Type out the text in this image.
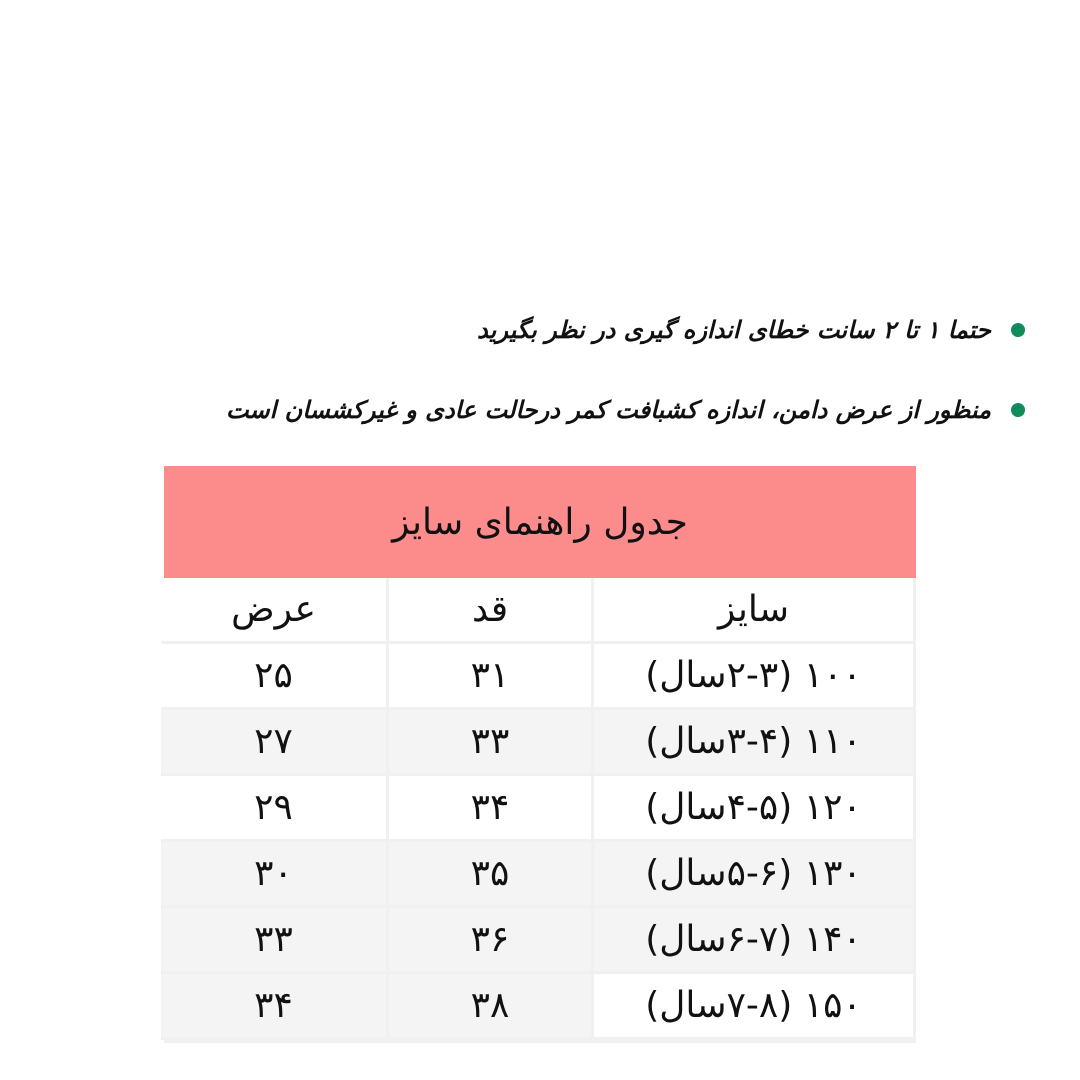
حتما ۱ تا ۲ سانت خطای اندازه گیری در نظر بگیرید
منظور از عرض دامن، اندازه کشبافت کمر درحالت عادی و غیرکشسان است
جدول راهنمای سایز
سایز
قد
عرض
۱۰۰ (۲-۳سال)
۳۱
۲۵
۱۱۰ (۳-۴سال)
۳۳
۲۷
۱۲۰ (۴-۵سال)
۳۴
۲۹
۱۳۰ (۵-۶سال)
۳۵
۳۰
۱۴۰ (۶-۷سال)
۳۶
۳۳
۱۵۰ (۷-۸سال)
۳۸
۳۴
